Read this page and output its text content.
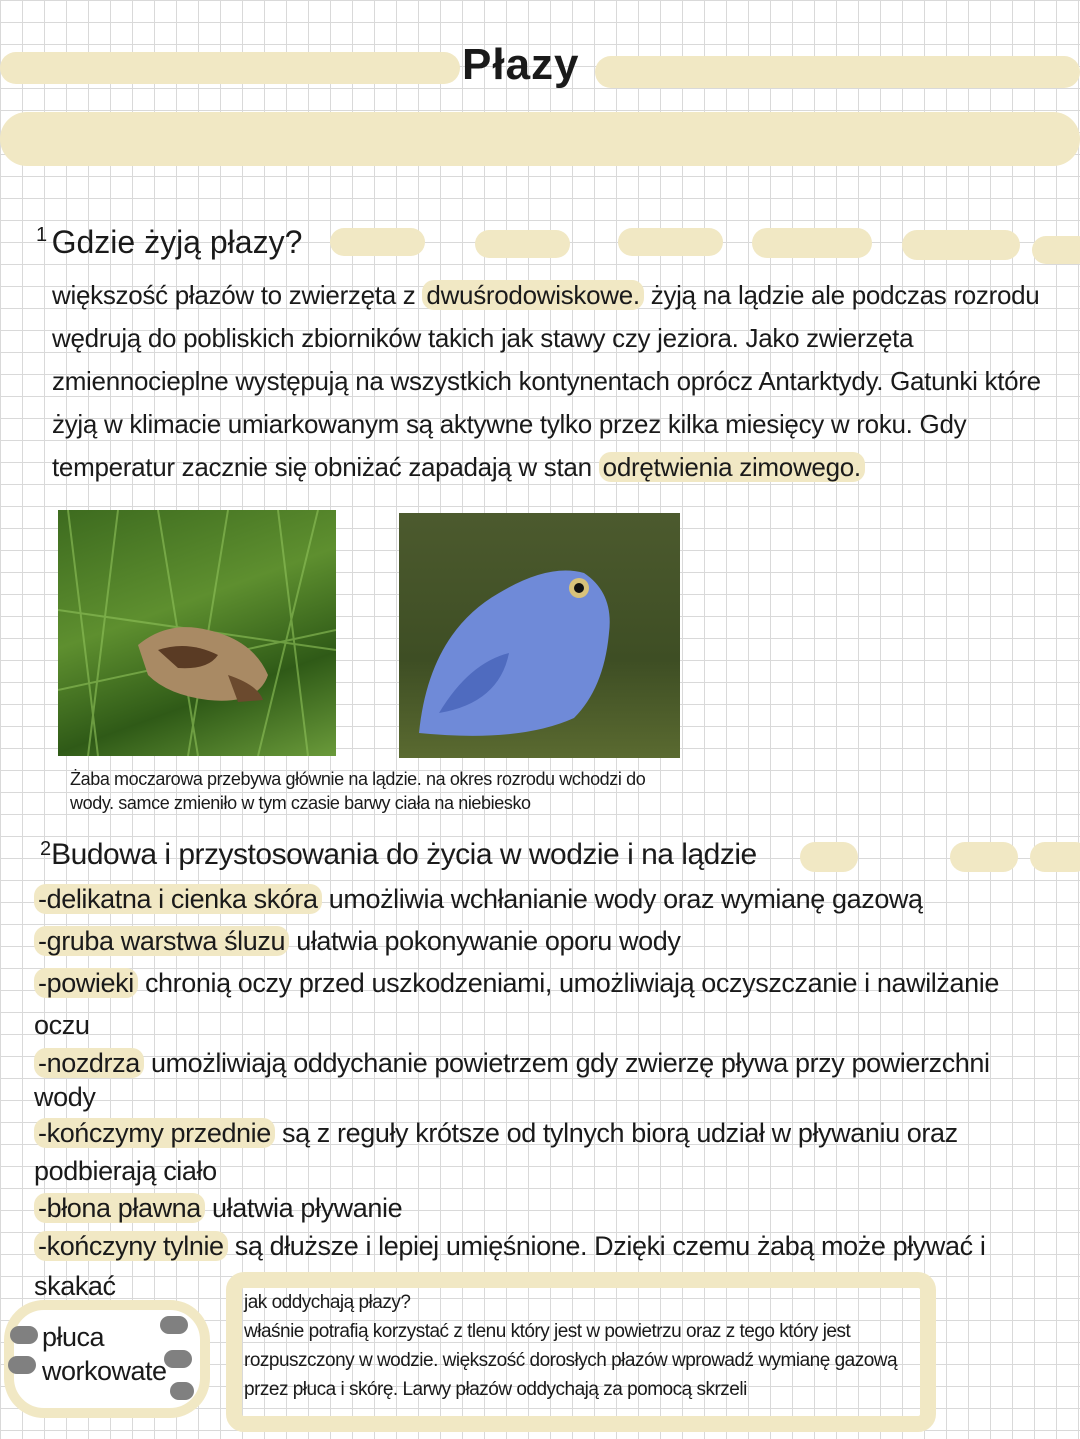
Płazy
1 Gdzie żyją płazy?
większość płazów to zwierzęta z dwuśrodowiskowe. żyją na lądzie ale podczas rozrodu wędrują do pobliskich zbiorników takich jak stawy czy jeziora. Jako zwierzęta zmiennocieplne występują na wszystkich kontynentach oprócz Antarktydy. Gatunki które żyją w klimacie umiarkowanym są aktywne tylko przez kilka miesięcy w roku. Gdy temperatur zacznie się obniżać zapadają w stan odrętwienia zimowego.
Żaba moczarowa przebywa głównie na lądzie. na okres rozrodu wchodzi do wody. samce zmieniło w tym czasie barwy ciała na niebiesko
2Budowa i przystosowania do życia w wodzie i na lądzie
-delikatna i cienka skóra umożliwia wchłanianie wody oraz wymianę gazową
-gruba warstwa śluzu ułatwia pokonywanie oporu wody
-powieki chronią oczy przed uszkodzeniami, umożliwiają oczyszczanie i nawilżanie oczu
-nozdrza umożliwiają oddychanie powietrzem gdy zwierzę pływa przy powierzchni wody
-kończymy przednie są z reguły krótsze od tylnych biorą udział w pływaniu oraz podbierają ciało
-błona pławna ułatwia pływanie
-kończyny tylnie są dłuższe i lepiej umięśnione. Dzięki czemu żabą może pływać i skakać
płuca
workowate
jak oddychają płazy?
właśnie potrafią korzystać z tlenu który jest w powietrzu oraz z tego który jest rozpuszczony w wodzie. większość dorosłych płazów wprowadź wymianę gazową przez płuca i skórę. Larwy płazów oddychają za pomocą skrzeli
